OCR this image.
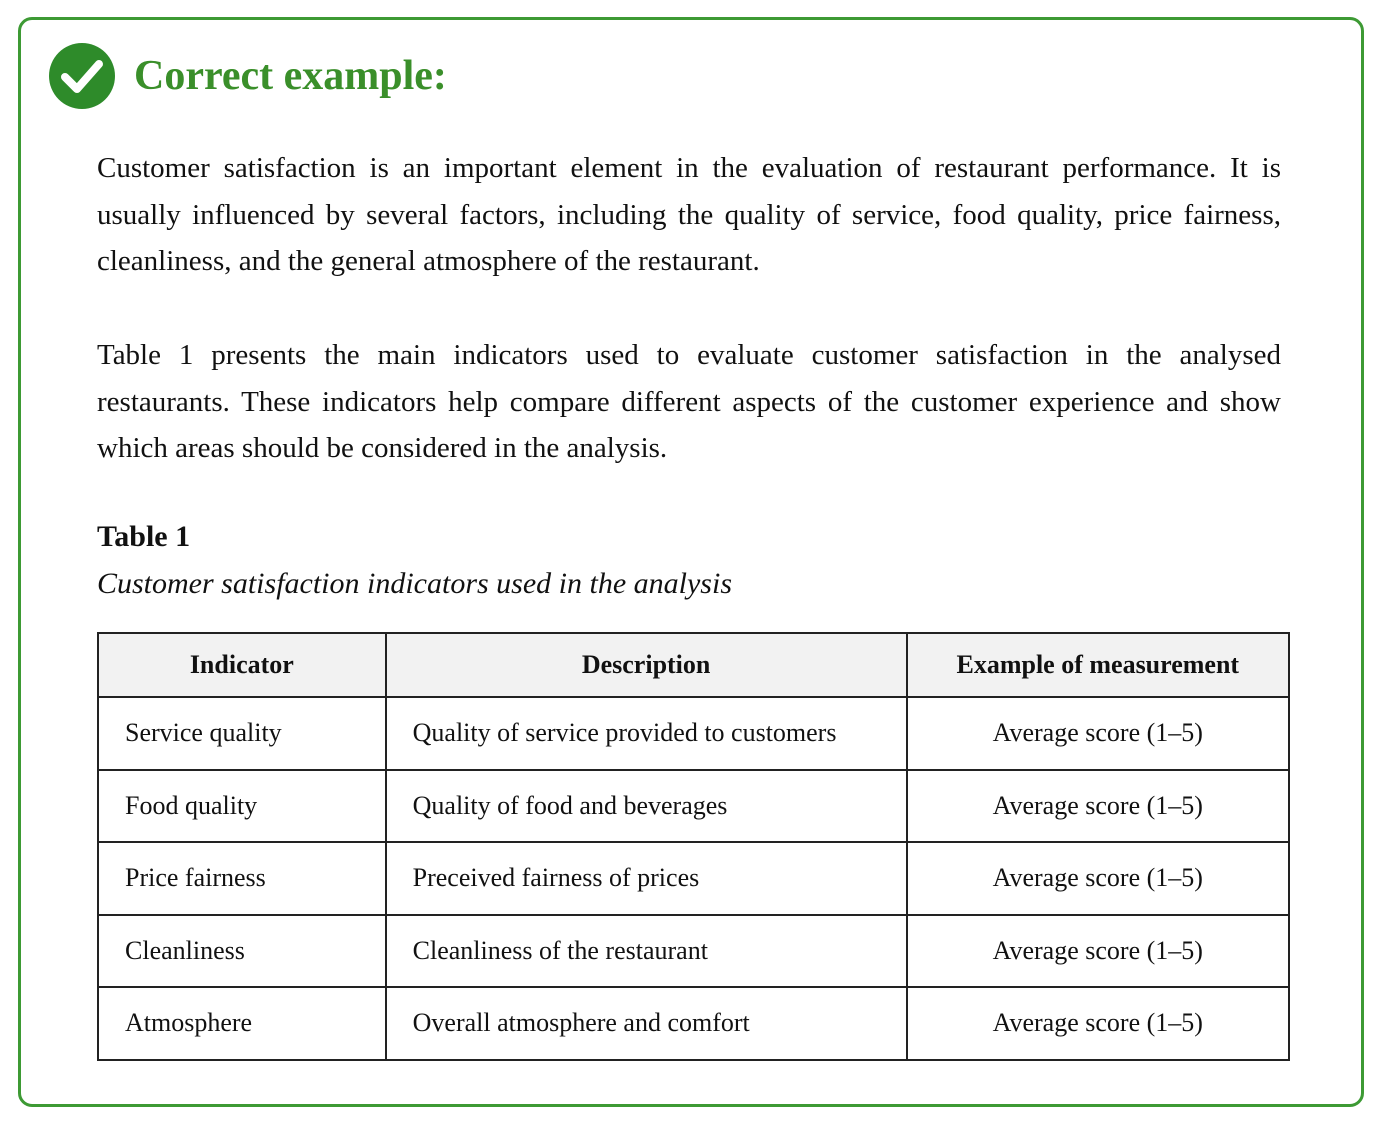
Correct example:

Customer satisfaction is an important element in the evaluation of restaurant performance. It is usually influenced by several factors, including the quality of service, food quality, price fairness, cleanliness, and the general atmosphere of the restaurant.

Table 1 presents the main indicators used to evaluate customer satisfaction in the analysed restaurants. These indicators help compare different aspects of the customer experience and show which areas should be considered in the analysis.

Table 1
Customer satisfaction indicators used in the analysis
Indicator	Description	Example of measurement
Service quality	Quality of service provided to customers	Average score (1–5)
Food quality	Quality of food and beverages	Average score (1–5)
Price fairness	Preceived fairness of prices	Average score (1–5)
Cleanliness	Cleanliness of the restaurant	Average score (1–5)
Atmosphere	Overall atmosphere and comfort	Average score (1–5)
